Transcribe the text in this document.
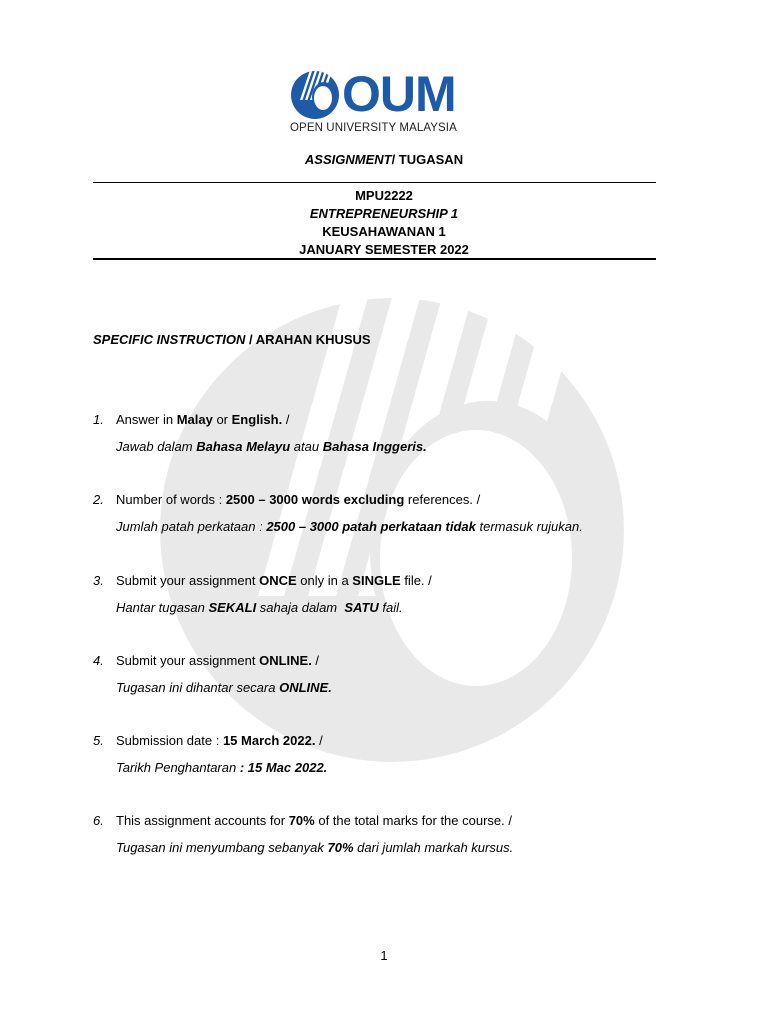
OUM
OPEN UNIVERSITY MALAYSIA
ASSIGNMENT/ TUGASAN
MPU2222
ENTREPRENEURSHIP 1
KEUSAHAWANAN 1
JANUARY SEMESTER 2022
SPECIFIC INSTRUCTION / ARAHAN KHUSUS
1. Answer in Malay or English. /
Jawab dalam Bahasa Melayu atau Bahasa Inggeris.
2. Number of words : 2500 – 3000 words excluding references. /
Jumlah patah perkataan : 2500 – 3000 patah perkataan tidak termasuk rujukan.
3. Submit your assignment ONCE only in a SINGLE file. /
Hantar tugasan SEKALI sahaja dalam  SATU fail.
4. Submit your assignment ONLINE. /
Tugasan ini dihantar secara ONLINE.
5. Submission date : 15 March 2022. /
Tarikh Penghantaran : 15 Mac 2022.
6. This assignment accounts for 70% of the total marks for the course. /
Tugasan ini menyumbang sebanyak 70% dari jumlah markah kursus.
1
